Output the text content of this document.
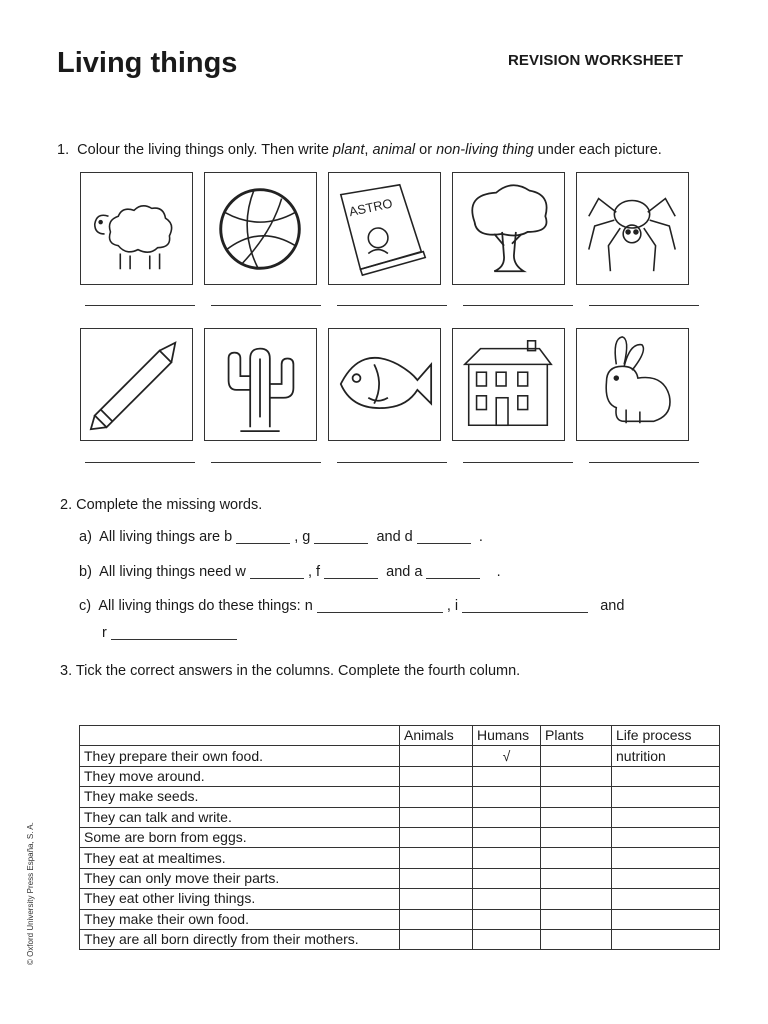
Living things	REVISION WORKSHEET
1. Colour the living things only. Then write plant, animal or non-living thing under each picture.
ASTRO
2. Complete the missing words.
a) All living things are b	, g	and d	.
b) All living things need w	, f	and a	.
c) All living things do these things: n	, i	and
r
3. Tick the correct answers in the columns. Complete the fourth column.
	Animals	Humans	Plants	Life process
They prepare their own food.		√		nutrition
They move around.				
They make seeds.				
They can talk and write.				
Some are born from eggs.				
They eat at mealtimes.				
They can only move their parts.				
They eat other living things.				
They make their own food.				
They are all born directly from their mothers.				
© Oxford University Press España, S. A.
